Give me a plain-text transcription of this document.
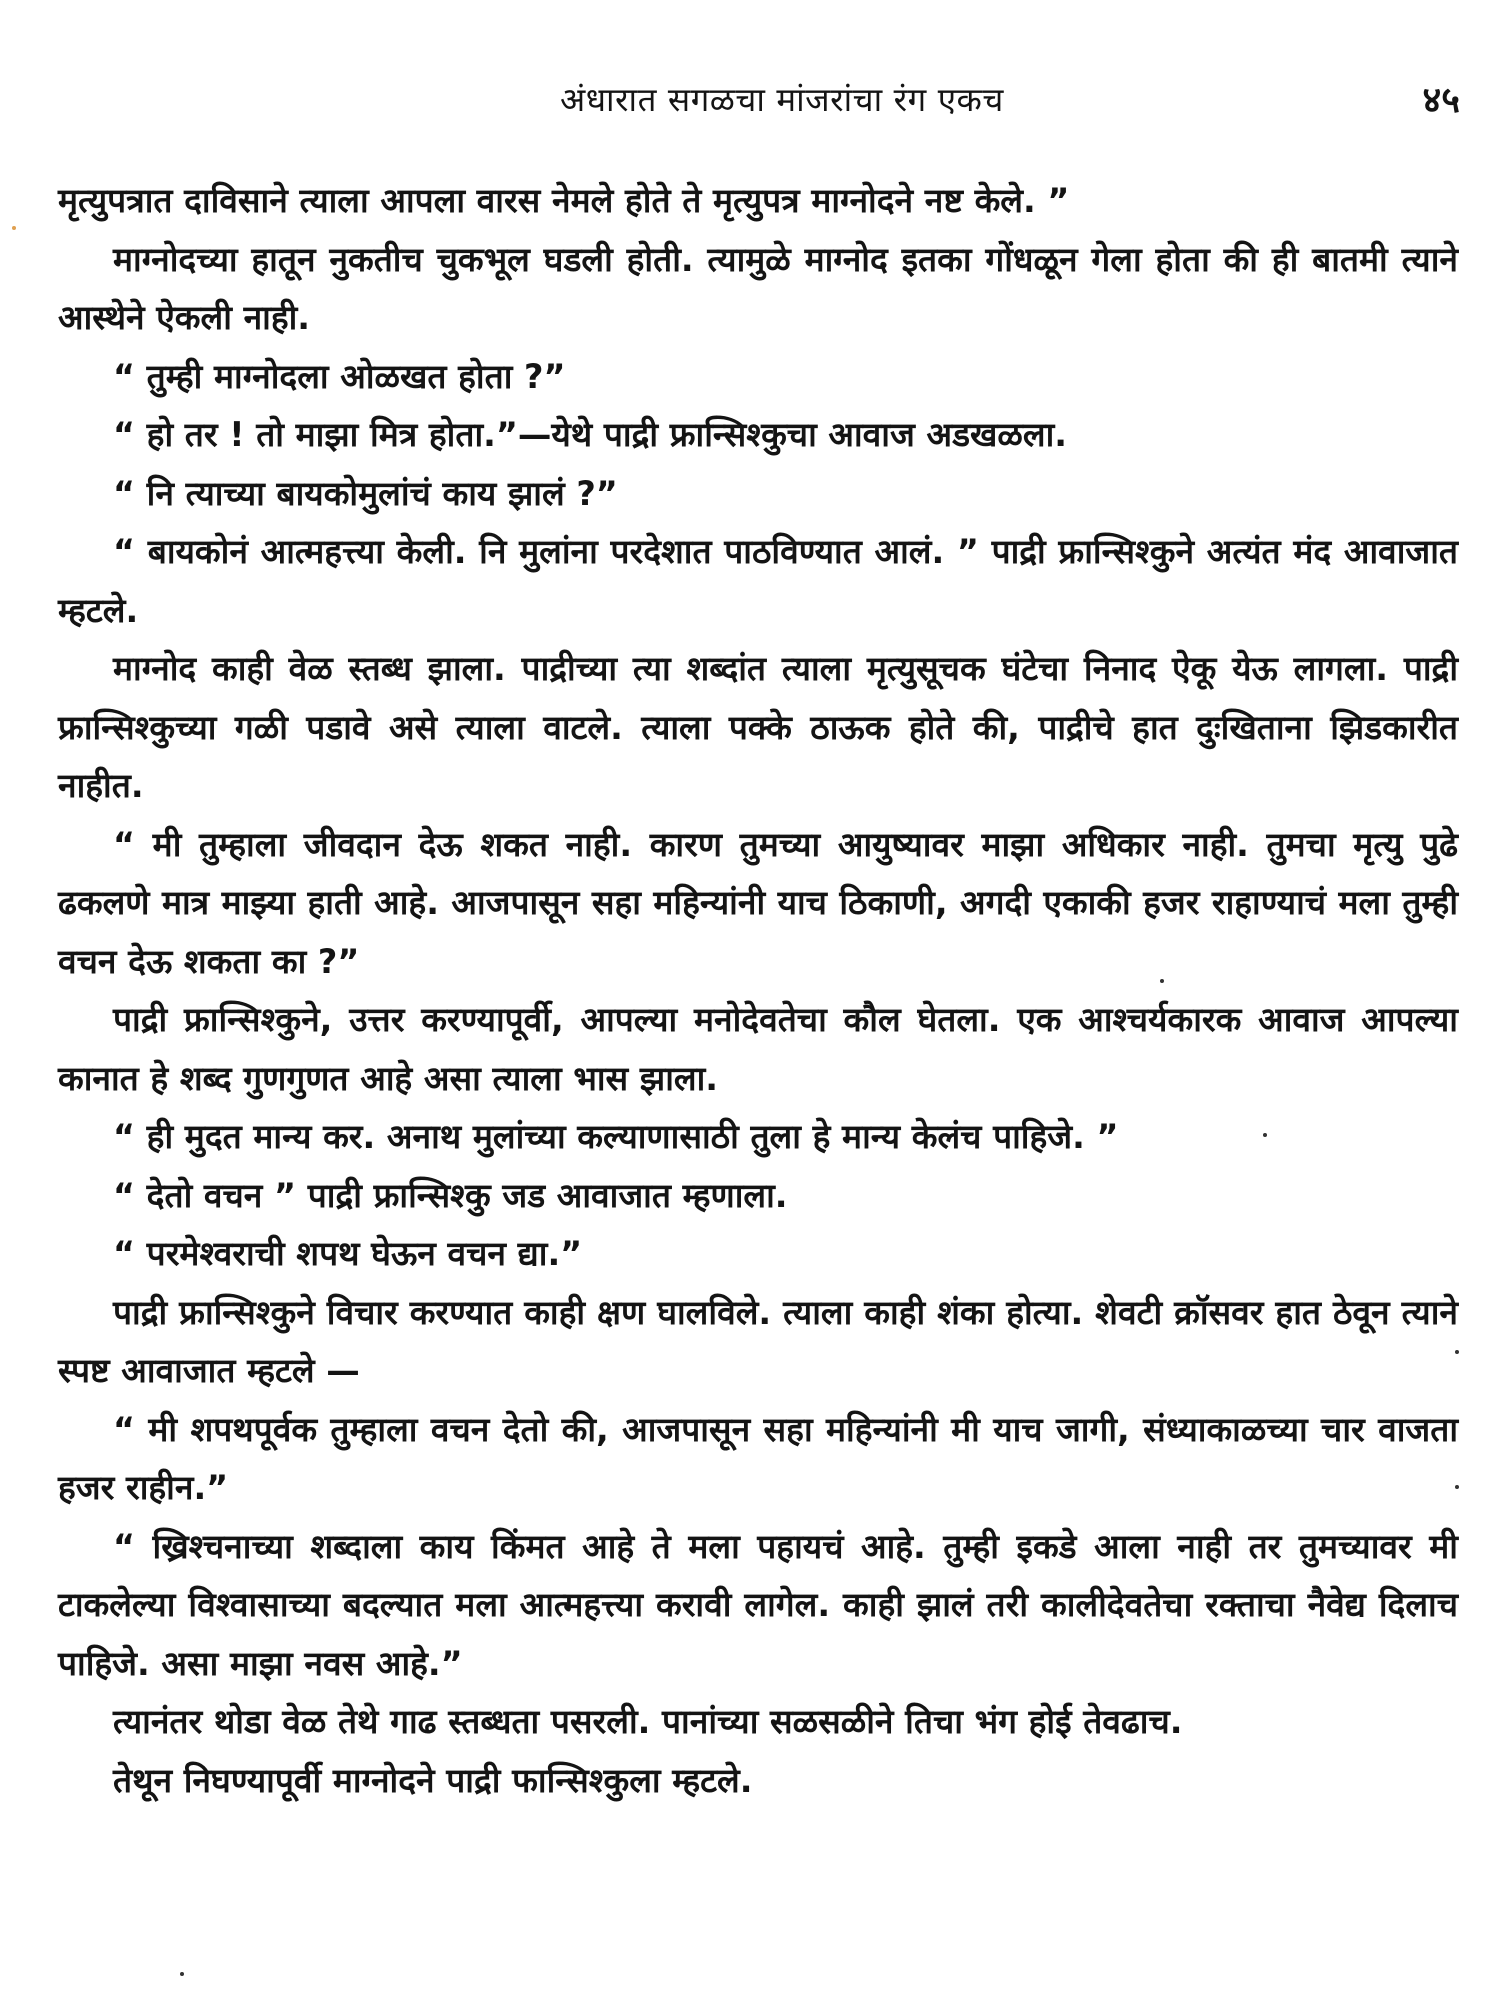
अंधारात सगळचा मांजरांचा रंग एकच	४५

मृत्युपत्रात दाविसाने त्याला आपला वारस नेमले होते ते मृत्युपत्र माग्नोदने नष्ट केले. ”

माग्नोदच्या हातून नुकतीच चुकभूल घडली होती. त्यामुळे माग्नोद इतका गोंधळून गेला होता की ही बातमी त्याने आस्थेने ऐकली नाही.

“ तुम्ही माग्नोदला ओळखत होता ?”

“ हो तर ! तो माझा मित्र होता.”—येथे पाद्री फ्रान्सिश्कुचा आवाज अडखळला.

“ नि त्याच्या बायकोमुलांचं काय झालं ?”

“ बायकोनं आत्महत्त्या केली. नि मुलांना परदेशात पाठविण्यात आलं. ” पाद्री फ्रान्सिश्कुने अत्यंत मंद आवाजात म्हटले.

माग्नोद काही वेळ स्तब्ध झाला. पाद्रीच्या त्या शब्दांत त्याला मृत्युसूचक घंटेचा निनाद ऐकू येऊ लागला. पाद्री फ्रान्सिश्कुच्या गळी पडावे असे त्याला वाटले. त्याला पक्के ठाऊक होते की, पाद्रीचे हात दुःखिताना झिडकारीत नाहीत.

“ मी तुम्हाला जीवदान देऊ शकत नाही. कारण तुमच्या आयुष्यावर माझा अधिकार नाही. तुमचा मृत्यु पुढे ढकलणे मात्र माझ्या हाती आहे. आजपासून सहा महिन्यांनी याच ठिकाणी, अगदी एकाकी हजर राहाण्याचं मला तुम्ही वचन देऊ शकता का ?”

पाद्री फ्रान्सिश्कुने, उत्तर करण्यापूर्वी, आपल्या मनोदेवतेचा कौल घेतला. एक आश्चर्यकारक आवाज आपल्या कानात हे शब्द गुणगुणत आहे असा त्याला भास झाला.

“ ही मुदत मान्य कर. अनाथ मुलांच्या कल्याणासाठी तुला हे मान्य केलंच पाहिजे. ”

“ देतो वचन ” पाद्री फ्रान्सिश्कु जड आवाजात म्हणाला.

“ परमेश्वराची शपथ घेऊन वचन द्या.”

पाद्री फ्रान्सिश्कुने विचार करण्यात काही क्षण घालविले. त्याला काही शंका होत्या. शेवटी क्रॉसवर हात ठेवून त्याने स्पष्ट आवाजात म्हटले —

“ मी शपथपूर्वक तुम्हाला वचन देतो की, आजपासून सहा महिन्यांनी मी याच जागी, संध्याकाळच्या चार वाजता हजर राहीन.”

“ ख्रिश्चनाच्या शब्दाला काय किंमत आहे ते मला पहायचं आहे. तुम्ही इकडे आला नाही तर तुमच्यावर मी टाकलेल्या विश्वासाच्या बदल्यात मला आत्महत्त्या करावी लागेल. काही झालं तरी कालीदेवतेचा रक्ताचा नैवेद्य दिलाच पाहिजे. असा माझा नवस आहे.”

त्यानंतर थोडा वेळ तेथे गाढ स्तब्धता पसरली. पानांच्या सळसळीने तिचा भंग होई तेवढाच.

तेथून निघण्यापूर्वी माग्नोदने पाद्री फान्सिश्कुला म्हटले.
